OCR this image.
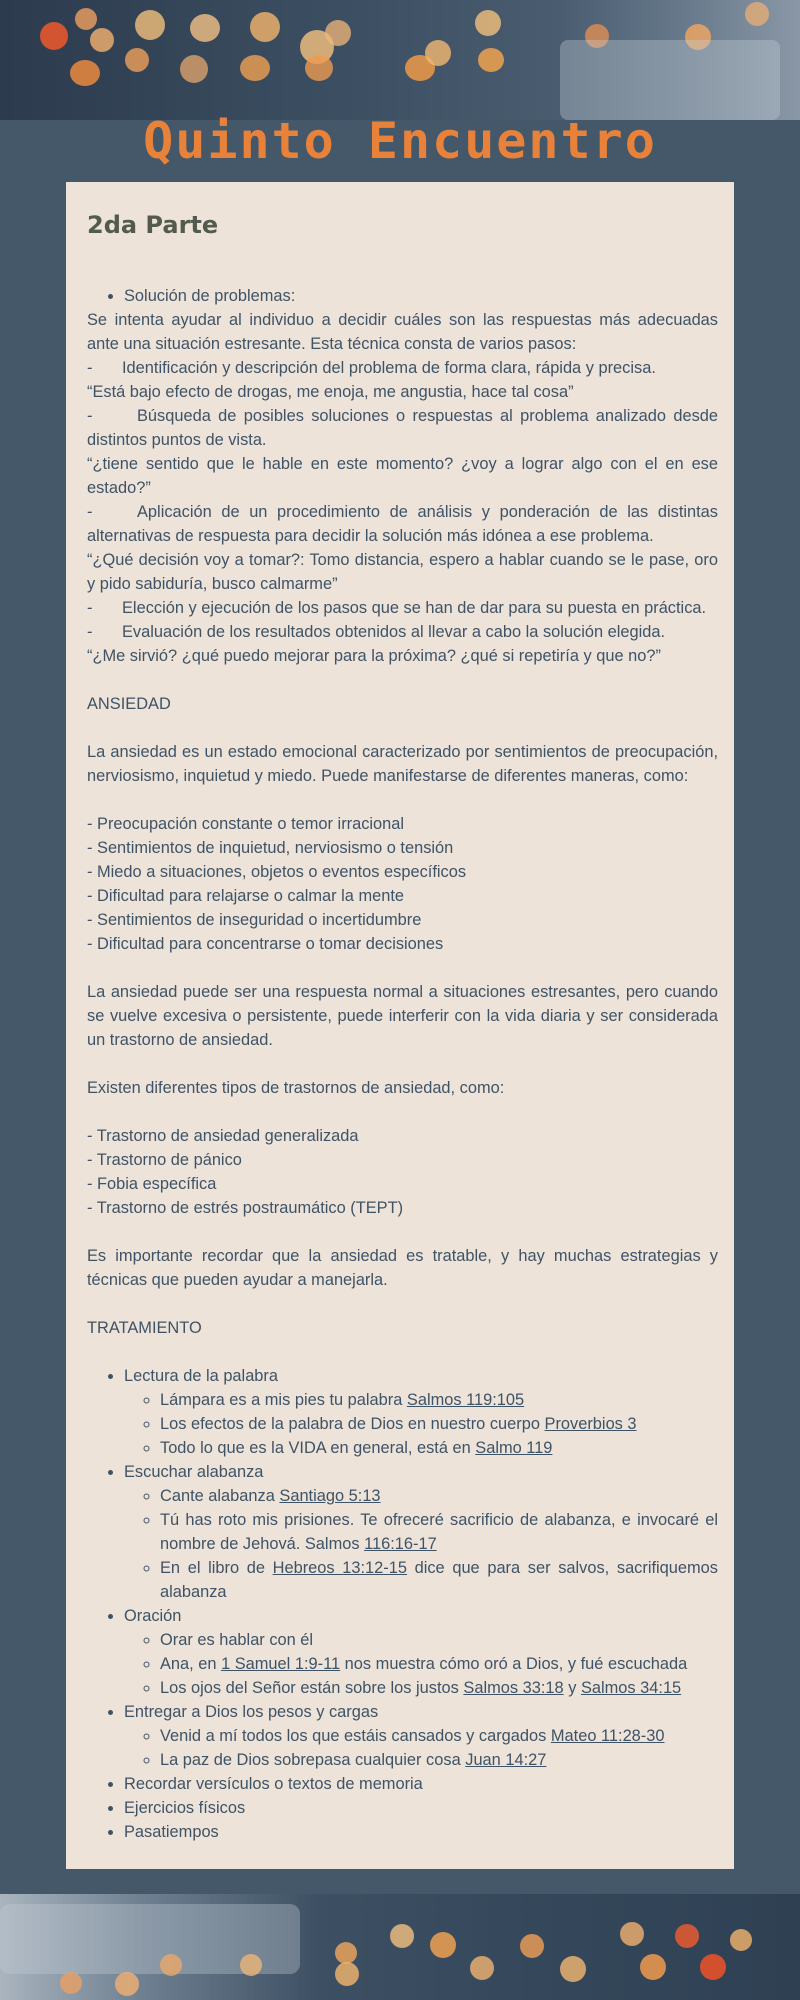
Quinto Encuentro
2da Parte
• Solución de problemas:

Se intenta ayudar al individuo a decidir cuáles son las respuestas más adecuadas ante una situación estresante. Esta técnica consta de varios pasos:

- Identificación y descripción del problema de forma clara, rápida y precisa.

“Está bajo efecto de drogas, me enoja, me angustia, hace tal cosa”

-	Búsqueda de posibles soluciones o respuestas al problema analizado desde distintos puntos de vista.

“¿tiene sentido que le hable en este momento? ¿voy a lograr algo con el en ese estado?”

-	Aplicación de un procedimiento de análisis y ponderación de las distintas alternativas de respuesta para decidir la solución más idónea a ese problema.

“¿Qué decisión voy a tomar?: Tomo distancia, espero a hablar cuando se le pase, oro y pido sabiduría, busco calmarme”

- Elección y ejecución de los pasos que se han de dar para su puesta en práctica.

- Evaluación de los resultados obtenidos al llevar a cabo la solución elegida.

“¿Me sirvió? ¿qué puedo mejorar para la próxima? ¿qué si repetiría y que no?”

ANSIEDAD

La ansiedad es un estado emocional caracterizado por sentimientos de preocupación, nerviosismo, inquietud y miedo. Puede manifestarse de diferentes maneras, como:

- Preocupación constante o temor irracional

- Sentimientos de inquietud, nerviosismo o tensión

- Miedo a situaciones, objetos o eventos específicos

- Dificultad para relajarse o calmar la mente

- Sentimientos de inseguridad o incertidumbre

- Dificultad para concentrarse o tomar decisiones

La ansiedad puede ser una respuesta normal a situaciones estresantes, pero cuando se vuelve excesiva o persistente, puede interferir con la vida diaria y ser considerada un trastorno de ansiedad.

Existen diferentes tipos de trastornos de ansiedad, como:

- Trastorno de ansiedad generalizada

- Trastorno de pánico

- Fobia específica

- Trastorno de estrés postraumático (TEPT)

Es importante recordar que la ansiedad es tratable, y hay muchas estrategias y técnicas que pueden ayudar a manejarla.

TRATAMIENTO

• Lectura de la palabra
◦ Lámpara es a mis pies tu palabra Salmos 119:105
◦ Los efectos de la palabra de Dios en nuestro cuerpo Proverbios 3
◦ Todo lo que es la VIDA en general, está en Salmo 119
• Escuchar alabanza
◦ Cante alabanza Santiago 5:13
◦ Tú has roto mis prisiones. Te ofreceré sacrificio de alabanza, e invocaré el nombre de Jehová. Salmos 116:16-17
◦ En el libro de Hebreos 13:12-15 dice que para ser salvos, sacrifiquemos alabanza
• Oración
◦ Orar es hablar con él
◦ Ana, en 1 Samuel 1:9-11 nos muestra cómo oró a Dios, y fué escuchada
◦ Los ojos del Señor están sobre los justos Salmos 33:18 y Salmos 34:15
• Entregar a Dios los pesos y cargas
◦ Venid a mí todos los que estáis cansados y cargados Mateo 11:28-30
◦ La paz de Dios sobrepasa cualquier cosa Juan 14:27
• Recordar versículos o textos de memoria
• Ejercicios físicos
• Pasatiempos
